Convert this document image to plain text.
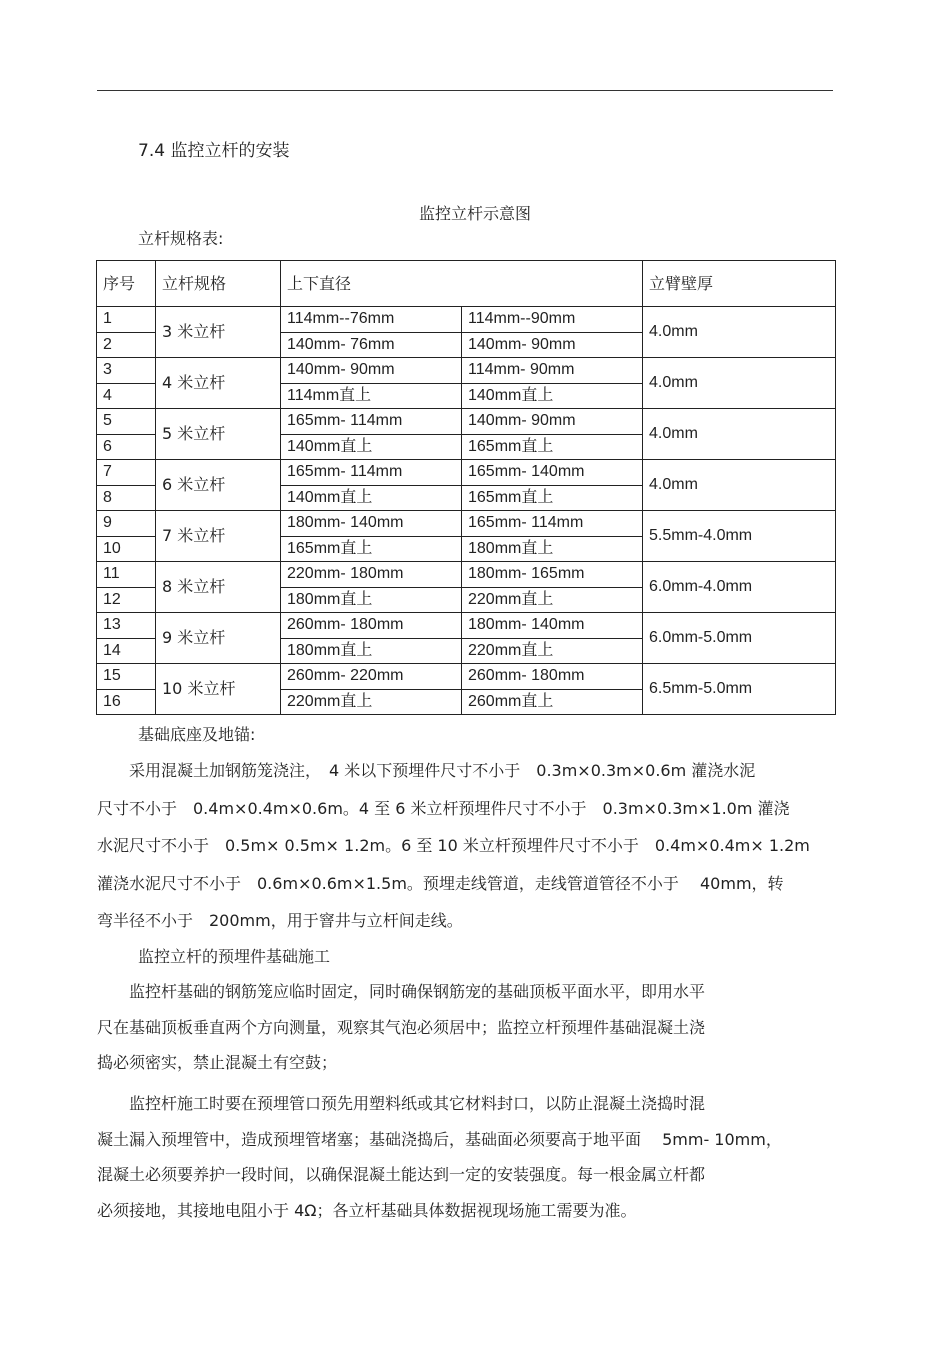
7.4 监控立杆的安装
监控立杆示意图
立杆规格表:
序号	立杆规格	上下直径		立臂壁厚
1	3 米立杆	114mm--76mm	114mm--90mm	4.0mm
2		140mm- 76mm	140mm- 90mm	
3	4 米立杆	140mm- 90mm	114mm- 90mm	4.0mm
4		114mm直上	140mm直上	
5	5 米立杆	165mm- 114mm	140mm- 90mm	4.0mm
6		140mm直上	165mm直上	
7	6 米立杆	165mm- 114mm	165mm- 140mm	4.0mm
8		140mm直上	165mm直上	
9	7 米立杆	180mm- 140mm	165mm- 114mm	5.5mm-4.0mm
10		165mm直上	180mm直上	
11	8 米立杆	220mm- 180mm	180mm- 165mm	6.0mm-4.0mm
12		180mm直上	220mm直上	
13	9 米立杆	260mm- 180mm	180mm- 140mm	6.0mm-5.0mm
14		180mm直上	220mm直上	
15	10 米立杆	260mm- 220mm	260mm- 180mm	6.5mm-5.0mm
16		220mm直上	260mm直上	
基础底座及地锚:

　　采用混凝土加钢筋笼浇注，　4 米以下预埋件尺寸不小于　0.3m×0.3m×0.6m 灌浇水泥

尺寸不小于　0.4m×0.4m×0.6m。4 至 6 米立杆预埋件尺寸不小于　0.3m×0.3m×1.0m 灌浇

水泥尺寸不小于　0.5m× 0.5m× 1.2m。6 至 10 米立杆预埋件尺寸不小于　0.4m×0.4m× 1.2m

灌浇水泥尺寸不小于　0.6m×0.6m×1.5m。预埋走线管道，走线管道管径不小于　 40mm，转

弯半径不小于　200mm，用于窨井与立杆间走线。

监控立杆的预埋件基础施工

　　监控杆基础的钢筋笼应临时固定，同时确保钢筋宠的基础顶板平面水平，即用水平

尺在基础顶板垂直两个方向测量，观察其气泡必须居中；监控立杆预埋件基础混凝土浇

捣必须密实，禁止混凝土有空鼓；

　　监控杆施工时要在预埋管口预先用塑料纸或其它材料封口，以防止混凝土浇捣时混

凝土漏入预埋管中，造成预埋管堵塞；基础浇捣后，基础面必须要高于地平面　 5mm- 10mm，

混凝土必须要养护一段时间，以确保混凝土能达到一定的安装强度。每一根金属立杆都

必须接地，其接地电阻小于 4Ω；各立杆基础具体数据视现场施工需要为准。
